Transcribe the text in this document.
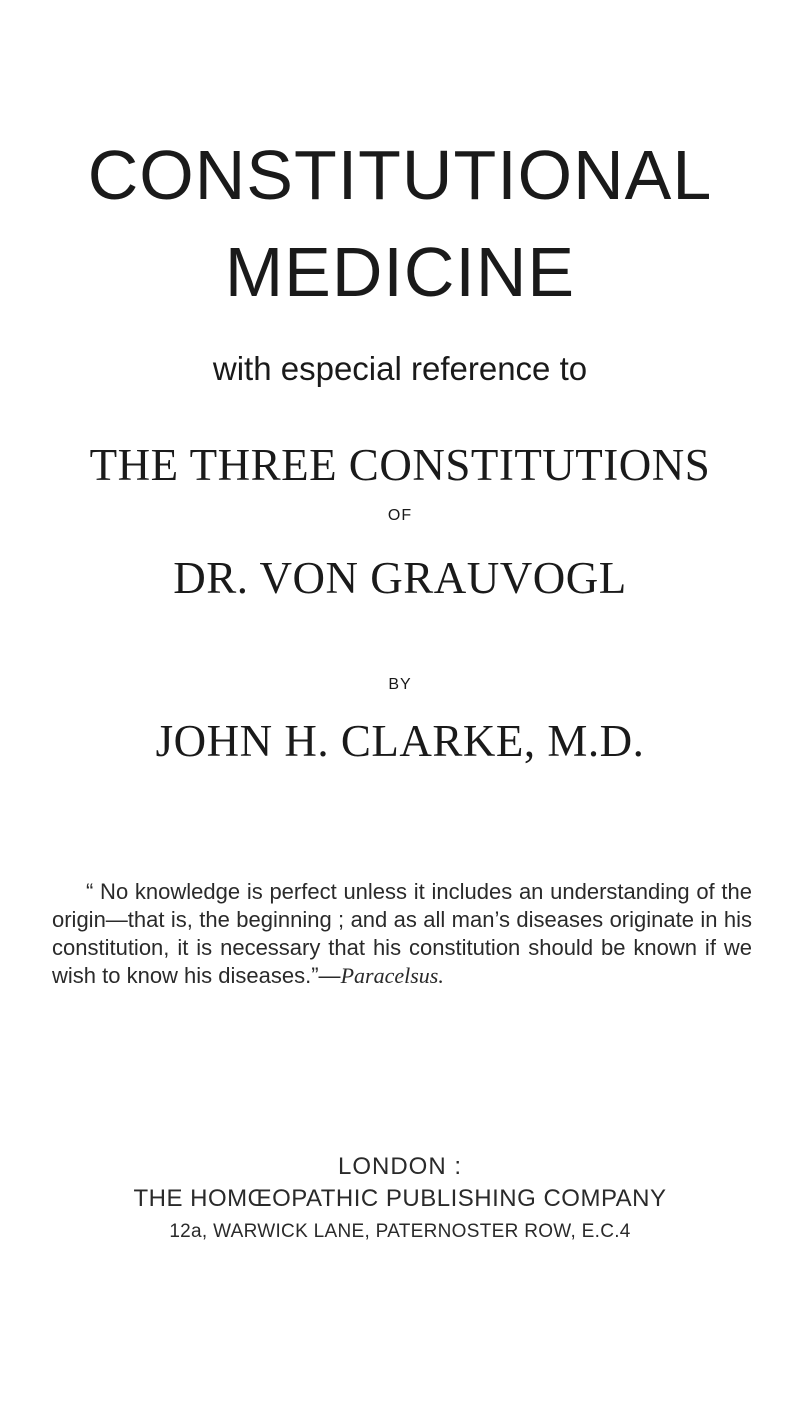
CONSTITUTIONAL
MEDICINE
with especial reference to
THE THREE CONSTITUTIONS
OF
DR. VON GRAUVOGL
BY
JOHN H. CLARKE, M.D.
“ No knowledge is perfect unless it includes an understanding of the origin—that is, the beginning ; and as all man’s diseases originate in his constitution, it is necessary that his constitution should be known if we wish to know his diseases.”—Paracelsus.
LONDON :
THE HOMŒOPATHIC PUBLISHING COMPANY
12a, WARWICK LANE, PATERNOSTER ROW, E.C.4
